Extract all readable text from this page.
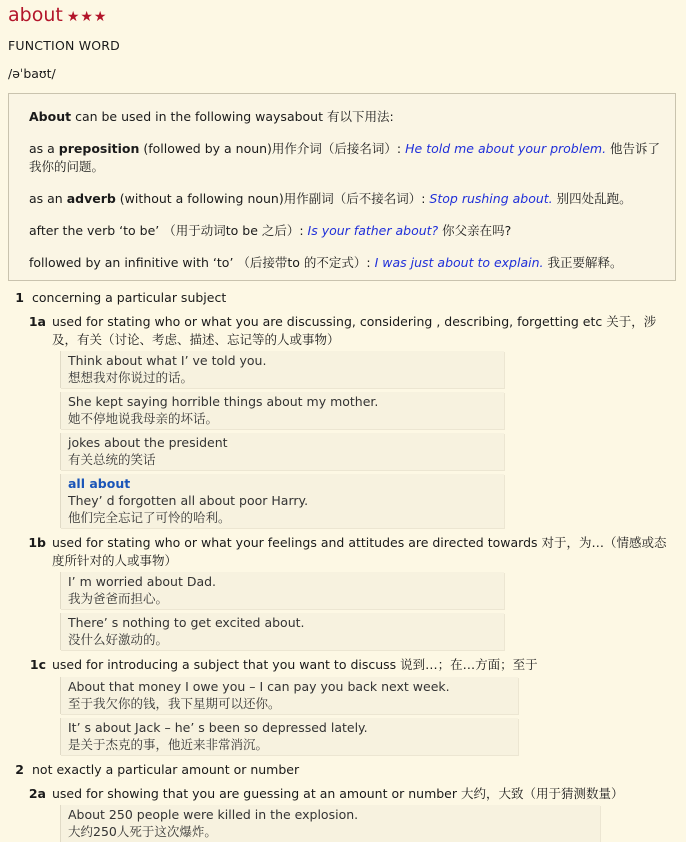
about ★★★
FUNCTION WORD
/əˈbaʊt/

About can be used in the following waysabout 有以下用法:

as a preposition (followed by a noun)用作介词（后接名词）: He told me about your problem. 他告诉了我你的问题。

as an adverb (without a following noun)用作副词（后不接名词）: Stop rushing about. 别四处乱跑。

after the verb ‘to be’ （用于动词to be 之后）: Is your father about? 你父亲在吗?

followed by an infinitive with ‘to’ （后接带to 的不定式）: I was just about to explain. 我正要解释。

1 concerning a particular subject
1a used for stating who or what you are discussing, considering , describing, forgetting etc 关于，涉及，有关（讨论、考虑、描述、忘记等的人或事物）
Think about what I’ ve told you.
想想我对你说过的话。
She kept saying horrible things about my mother.
她不停地说我母亲的坏话。
jokes about the president
有关总统的笑话
all about
They’ d forgotten all about poor Harry.
他们完全忘记了可怜的哈利。
1b used for stating who or what your feelings and attitudes are directed towards 对于，为…（情感或态度所针对的人或事物）
I’ m worried about Dad.
我为爸爸而担心。
There’ s nothing to get excited about.
没什么好激动的。
1c used for introducing a subject that you want to discuss 说到…；在…方面；至于
About that money I owe you – I can pay you back next week.
至于我欠你的钱，我下星期可以还你。
It’ s about Jack – he’ s been so depressed lately.
是关于杰克的事，他近来非常消沉。
2 not exactly a particular amount or number
2a used for showing that you are guessing at an amount or number 大约，大致（用于猜测数量）
About 250 people were killed in the explosion.
大约250人死于这次爆炸。
